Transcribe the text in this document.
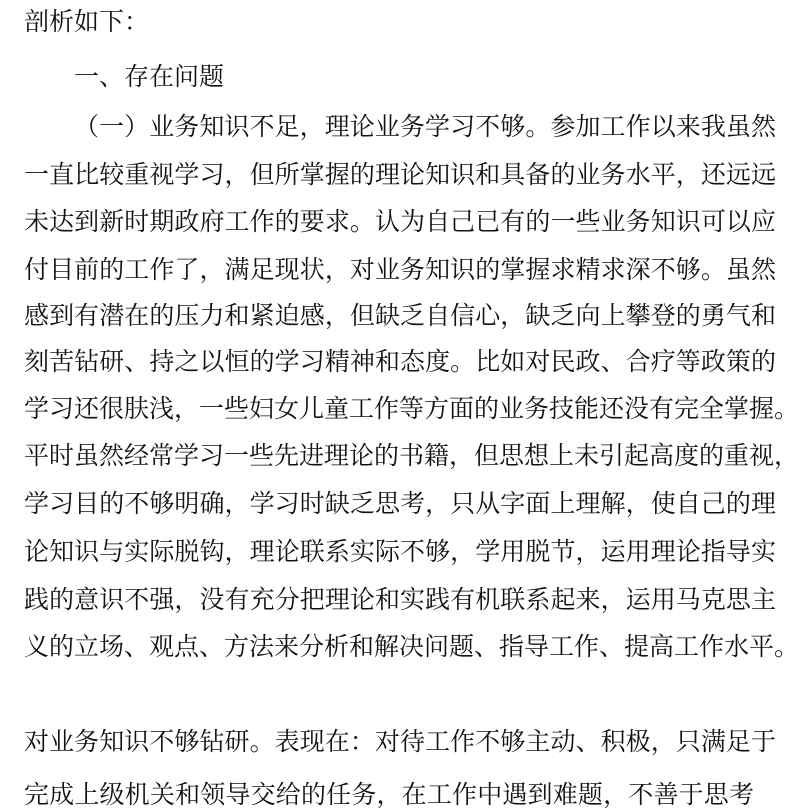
剖析如下：
一、存在问题
（一）业务知识不足，理论业务学习不够。参加工作以来我虽然
一直比较重视学习，但所掌握的理论知识和具备的业务水平，还远远
未达到新时期政府工作的要求。认为自己已有的一些业务知识可以应
付目前的工作了，满足现状，对业务知识的掌握求精求深不够。虽然
感到有潜在的压力和紧迫感，但缺乏自信心，缺乏向上攀登的勇气和
刻苦钻研、持之以恒的学习精神和态度。比如对民政、合疗等政策的
学习还很肤浅，一些妇女儿童工作等方面的业务技能还没有完全掌握。
平时虽然经常学习一些先进理论的书籍，但思想上未引起高度的重视，
学习目的不够明确，学习时缺乏思考，只从字面上理解，使自己的理
论知识与实际脱钩，理论联系实际不够，学用脱节，运用理论指导实
践的意识不强，没有充分把理论和实践有机联系起来，运用马克思主
义的立场、观点、方法来分析和解决问题、指导工作、提高工作水平。
对业务知识不够钻研。表现在：对待工作不够主动、积极，只满足于
完成上级机关和领导交给的任务，在工作中遇到难题，不善于思考
